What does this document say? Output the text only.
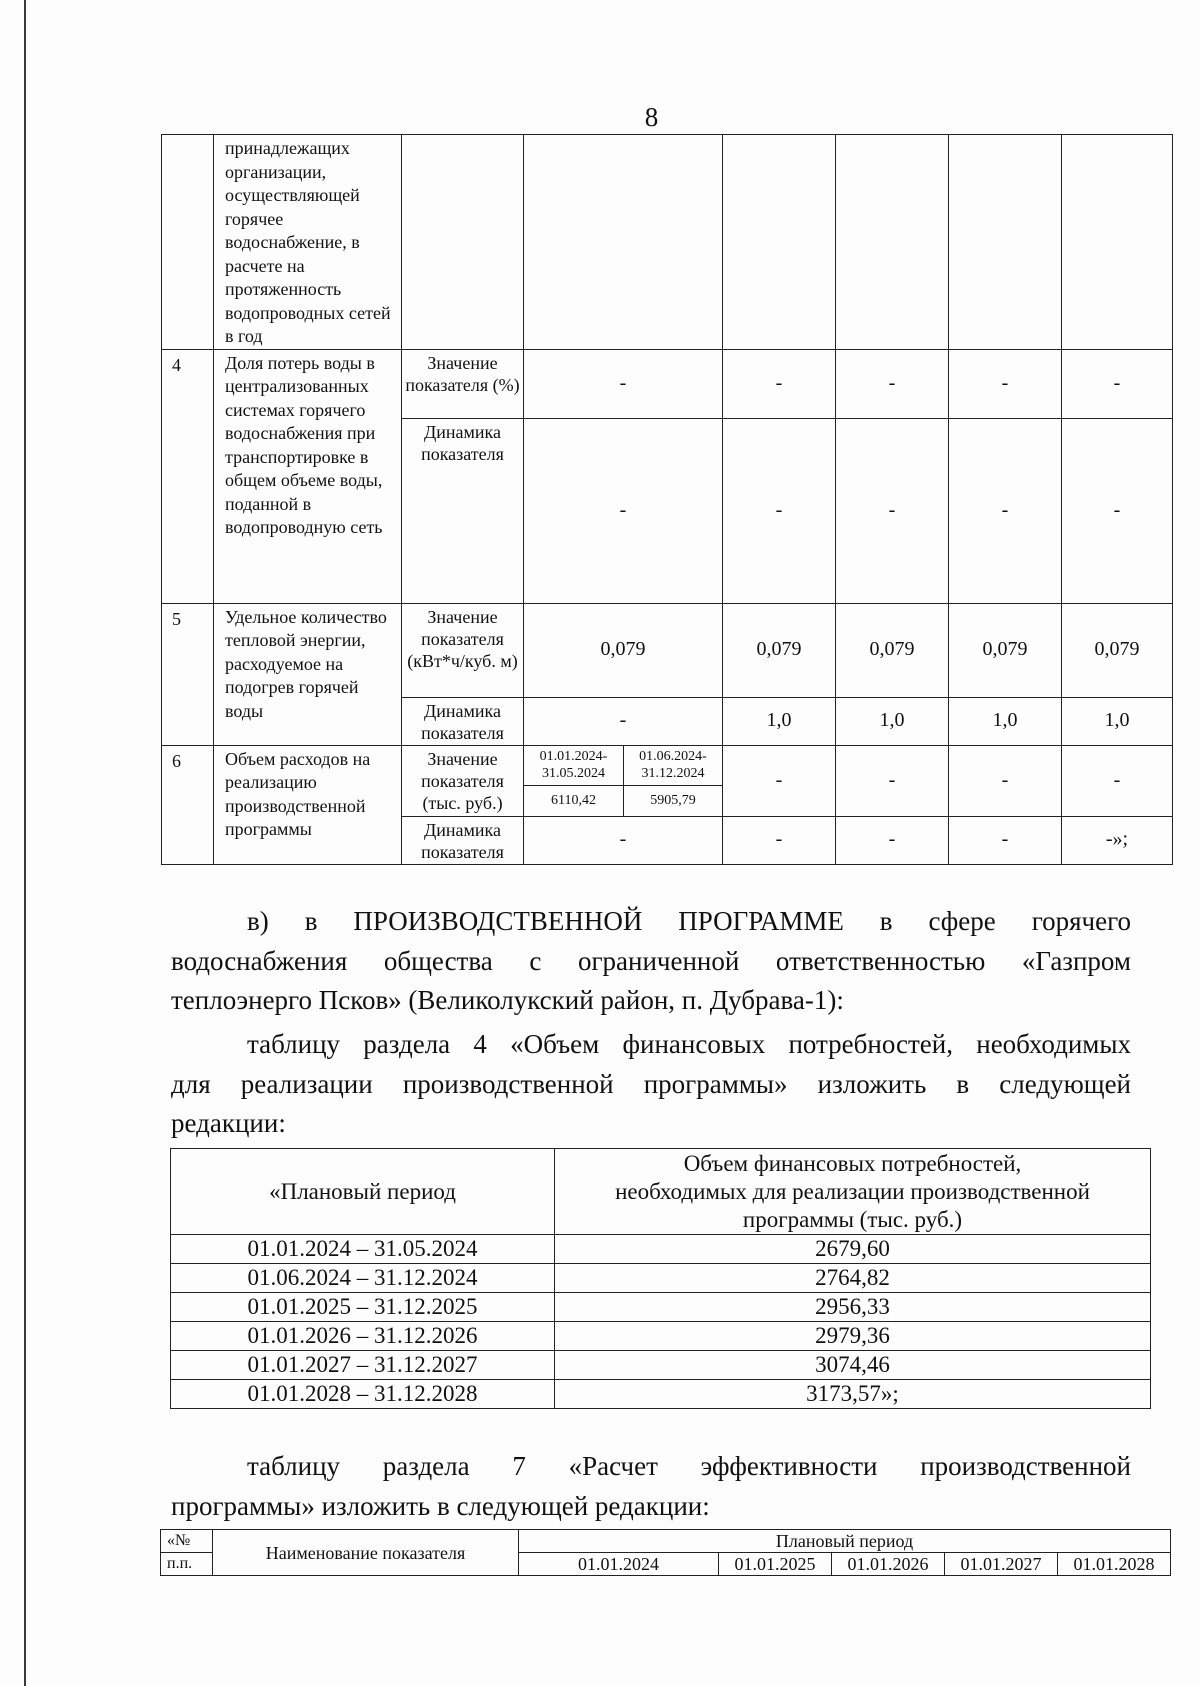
8
	принадлежащих организации, осуществляющей горячее водоснабжение, в расчете на протяженность водопроводных сетей в год							
4	Доля потерь воды в централизованных системах горячего водоснабжения при транспортировке в общем объеме воды, поданной в водопроводную сеть	Значение показателя (%)	-		-	-	-	-
		Динамика показателя	-		-	-	-	-
5	Удельное количество тепловой энергии, расходуемое на подогрев горячей воды	Значение показателя (кВт*ч/куб. м)	0,079		0,079	0,079	0,079	0,079
		Динамика показателя	-		1,0	1,0	1,0	1,0
6	Объем расходов на реализацию производственной программы	Значение показателя (тыс. руб.)	01.01.2024-31.05.2024	01.06.2024-31.12.2024	-	-	-	-
			6110,42	5905,79				
		Динамика показателя	-		-	-	-	-»;

в) в ПРОИЗВОДСТВЕННОЙ ПРОГРАММЕ в сфере горячего
водоснабжения общества с ограниченной ответственностью «Газпром
теплоэнерго Псков» (Великолукский район, п. Дубрава-1):

таблицу раздела 4 «Объем финансовых потребностей, необходимых
для реализации производственной программы» изложить в следующей
редакции:

«Плановый период	Объем финансовых потребностей, необходимых для реализации производственной программы (тыс. руб.)
01.01.2024 – 31.05.2024	2679,60
01.06.2024 – 31.12.2024	2764,82
01.01.2025 – 31.12.2025	2956,33
01.01.2026 – 31.12.2026	2979,36
01.01.2027 – 31.12.2027	3074,46
01.01.2028 – 31.12.2028	3173,57»;

таблицу раздела 7 «Расчет эффективности производственной
программы» изложить в следующей редакции:

«№	Наименование показателя	Плановый период				
п.п.		01.01.2024	01.01.2025	01.01.2026	01.01.2027	01.01.2028
